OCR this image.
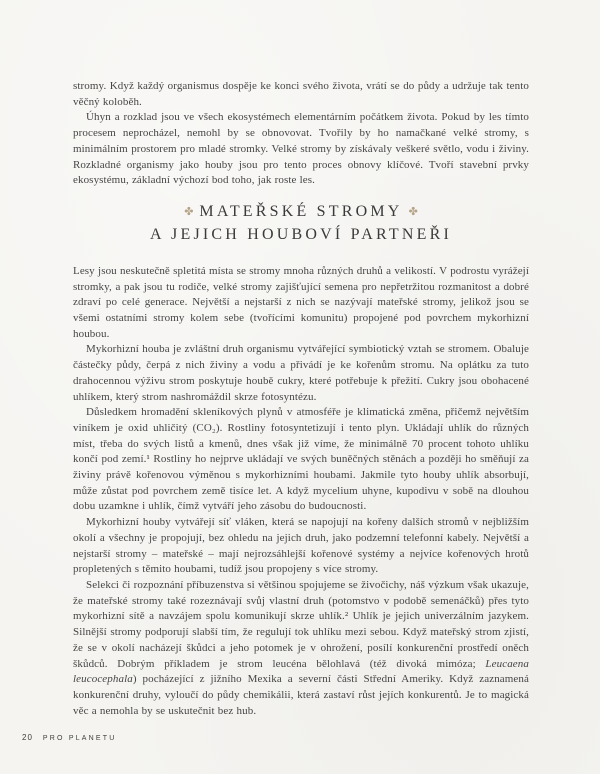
stromy. Když každý organismus dospěje ke konci svého života, vrátí se do půdy a udržuje tak tento věčný koloběh.

Úhyn a rozklad jsou ve všech ekosystémech elementárním počátkem života. Pokud by les tímto procesem neprocházel, nemohl by se obnovovat. Tvořily by ho namačkané velké stromy, s minimálním prostorem pro mladé stromky. Velké stromy by získávaly veškeré světlo, vodu i živiny. Rozkladné organismy jako houby jsou pro tento proces obnovy klíčové. Tvoří stavební prvky ekosystému, základní výchozí bod toho, jak roste les.

✤ MATEŘSKÉ STROMY ✤
A JEJICH HOUBOVÍ PARTNEŘI

Lesy jsou neskutečně spletitá místa se stromy mnoha různých druhů a velikostí. V podrostu vyrážejí stromky, a pak jsou tu rodiče, velké stromy zajišťující semena pro nepřetržitou rozmanitost a dobré zdraví po celé generace. Největší a nejstarší z nich se nazývají mateřské stromy, jelikož jsou se všemi ostatními stromy kolem sebe (tvořícími komunitu) propojené pod povrchem mykorhizní houbou.

Mykorhizní houba je zvláštní druh organismu vytvářející symbiotický vztah se stromem. Obaluje částečky půdy, čerpá z nich živiny a vodu a přivádí je ke kořenům stromu. Na oplátku za tuto drahocennou výživu strom poskytuje houbě cukry, které potřebuje k přežití. Cukry jsou obohacené uhlíkem, který strom nashromáždil skrze fotosyntézu.

Důsledkem hromadění skleníkových plynů v atmosféře je klimatická změna, přičemž největším viníkem je oxid uhličitý (CO₂). Rostliny fotosyntetizují i tento plyn. Ukládají uhlík do různých míst, třeba do svých listů a kmenů, dnes však již víme, že minimálně 70 procent tohoto uhlíku končí pod zemí.¹ Rostliny ho nejprve ukládají ve svých buněčných stěnách a později ho směňují za živiny právě kořenovou výměnou s mykorhizními houbami. Jakmile tyto houby uhlík absorbují, může zůstat pod povrchem země tisíce let. A když mycelium uhyne, kupodivu v sobě na dlouhou dobu uzamkne i uhlík, čímž vytváří jeho zásobu do budoucnosti.

Mykorhizní houby vytvářejí síť vláken, která se napojují na kořeny dalších stromů v nejbližším okolí a všechny je propojují, bez ohledu na jejich druh, jako podzemní telefonní kabely. Největší a nejstarší stromy – mateřské – mají nejrozsáhlejší kořenové systémy a nejvíce kořenových hrotů propletených s těmito houbami, tudíž jsou propojeny s více stromy.

Selekci či rozpoznání příbuzenstva si většinou spojujeme se živočichy, náš výzkum však ukazuje, že mateřské stromy také rozeznávají svůj vlastní druh (potomstvo v podobě semenáčků) přes tyto mykorhizní sítě a navzájem spolu komunikují skrze uhlík.² Uhlík je jejich univerzálním jazykem. Silnější stromy podporují slabší tím, že regulují tok uhlíku mezi sebou. Když mateřský strom zjistí, že se v okolí nacházejí škůdci a jeho potomek je v ohrožení, posílí konkurenční prostředí oněch škůdců. Dobrým příkladem je strom leucéna bělohlavá (též divoká mimóza; Leucaena leucocephala) pocházející z jižního Mexika a severní části Střední Ameriky. Když zaznamená konkurenční druhy, vyloučí do půdy chemikálii, která zastaví růst jejích konkurentů. Je to magická věc a nemohla by se uskutečnit bez hub.

20 PRO PLANETU
